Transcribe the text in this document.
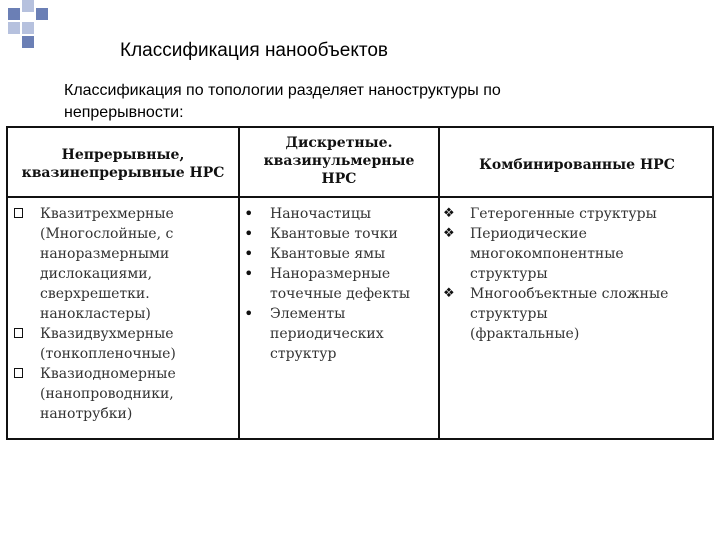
Классификация нанообъектов
Классификация по топологии разделяет наноструктуры по
непрерывности:
Непрерывные,
квазинепрерывные НРС
Дискретные.
квазинульмерные
НРС
Комбинированные НРС
Квазитрехмерные
(Многослойные, с
наноразмерными
дислокациями,
сверхрешетки.
нанокластеры)
Квазидвухмерные
(тонкопленочные)
Квазиодномерные
(нанопроводники,
нанотрубки)
• Наночастицы
• Квантовые точки
• Квантовые ямы
• Наноразмерные
точечные дефекты
• Элементы
периодических
структур
❖ Гетерогенные структуры
❖ Периодические
многокомпонентные
структуры
❖ Многообъектные сложные
структуры
(фрактальные)
